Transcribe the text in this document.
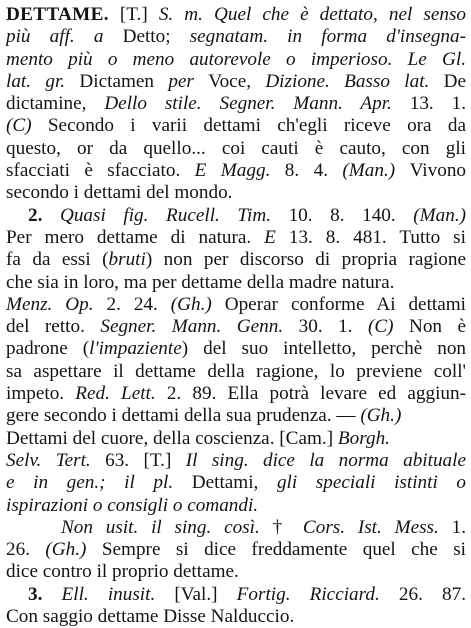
DETTAME. [T.] S. m. Quel che è dettato, nel senso
più aff. a Detto; segnatam. in forma d'insegna-
mento più o meno autorevole o imperioso. Le Gl.
lat. gr. Dictamen per Voce, Dizione. Basso lat. De
dictamine, Dello stile. Segner. Mann. Apr. 13. 1.
(C) Secondo i varii dettami ch'egli riceve ora da
questo, or da quello... coi cauti è cauto, con gli
sfacciati è sfacciato. E Magg. 8. 4. (Man.) Vivono
secondo i dettami del mondo.
2. Quasi fig. Rucell. Tim. 10. 8. 140. (Man.)
Per mero dettame di natura. E 13. 8. 481. Tutto si
fa da essi (bruti) non per discorso di propria ragione
che sia in loro, ma per dettame della madre natura.
Menz. Op. 2. 24. (Gh.) Operar conforme Ai dettami
del retto. Segner. Mann. Genn. 30. 1. (C) Non è
padrone (l'impaziente) del suo intelletto, perchè non
sa aspettare il dettame della ragione, lo previene coll'
impeto. Red. Lett. 2. 89. Ella potrà levare ed aggiun-
gere secondo i dettami della sua prudenza. — (Gh.)
Dettami del cuore, della coscienza. [Cam.] Borgh.
Selv. Tert. 63. [T.] Il sing. dice la norma abituale
e in gen.; il pl. Dettami, gli speciali istinti o
ispirazioni o consigli o comandi.
Non usit. il sing. così. † Cors. Ist. Mess. 1.
26. (Gh.) Sempre si dice freddamente quel che si
dice contro il proprio dettame.
3. Ell. inusit. [Val.] Fortig. Ricciard. 26. 87.
Con saggio dettame Disse Nalduccio.
